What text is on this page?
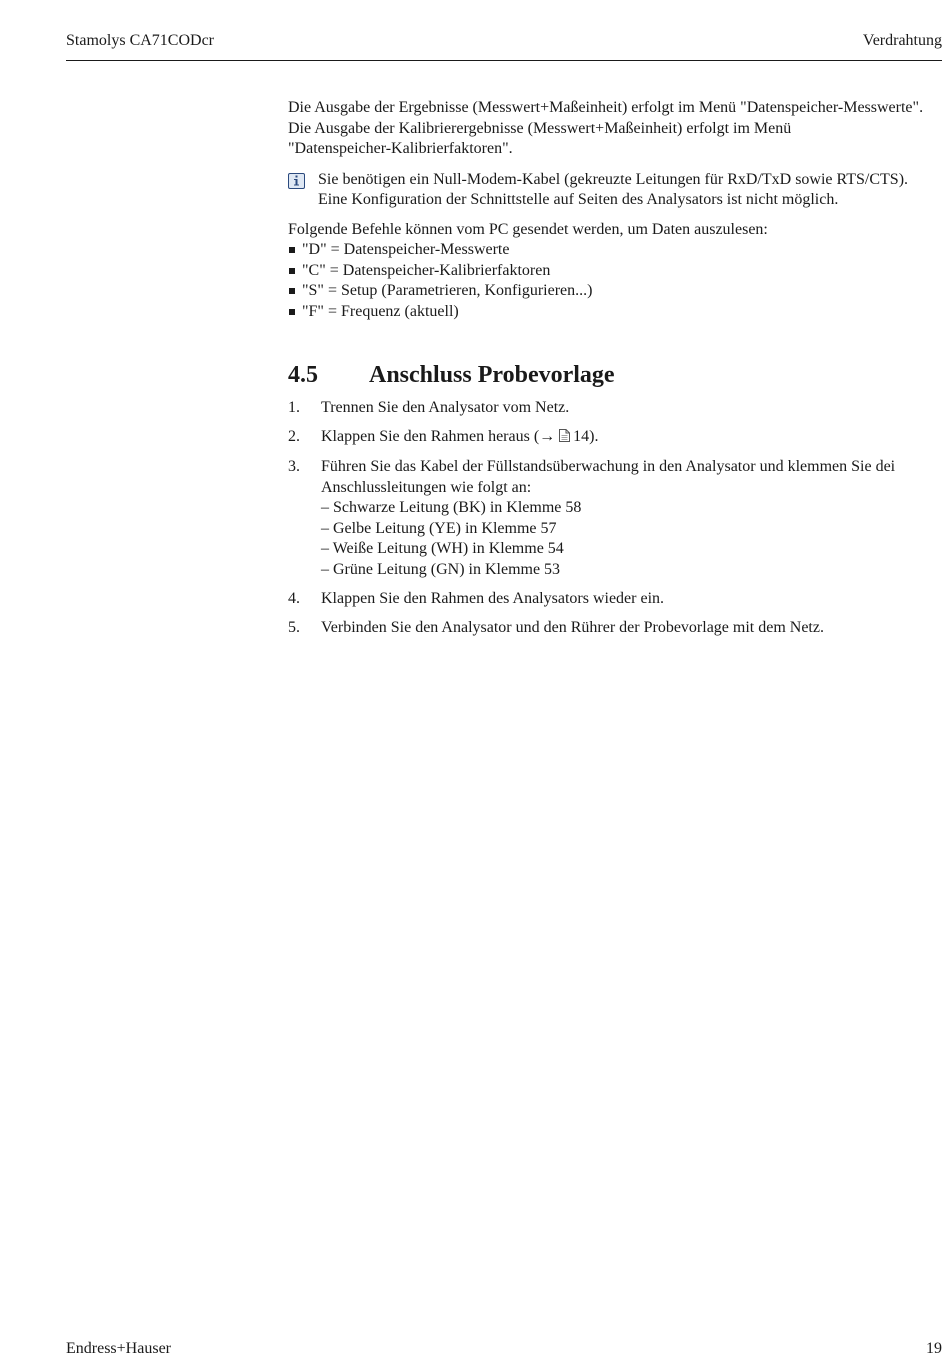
Stamolys CA71CODcr	Verdrahtung

Die Ausgabe der Ergebnisse (Messwert+Maßeinheit) erfolgt im Menü "Datenspeicher-Messwerte".
Die Ausgabe der Kalibrierergebnisse (Messwert+Maßeinheit) erfolgt im Menü
"Datenspeicher-Kalibrierfaktoren".

Sie benötigen ein Null-Modem-Kabel (gekreuzte Leitungen für RxD/TxD sowie RTS/CTS).
Eine Konfiguration der Schnittstelle auf Seiten des Analysators ist nicht möglich.

Folgende Befehle können vom PC gesendet werden, um Daten auszulesen:

"D" = Datenspeicher-Messwerte
"C" = Datenspeicher-Kalibrierfaktoren
"S" = Setup (Parametrieren, Konfigurieren...)
"F" = Frequenz (aktuell)
4.5 Anschluss Probevorlage
1. Trennen Sie den Analysator vom Netz.
2. Klappen Sie den Rahmen heraus (→ 14).
3. Führen Sie das Kabel der Füllstandsüberwachung in den Analysator und klemmen Sie dei
Anschlussleitungen wie folgt an:
– Schwarze Leitung (BK) in Klemme 58
– Gelbe Leitung (YE) in Klemme 57
– Weiße Leitung (WH) in Klemme 54
– Grüne Leitung (GN) in Klemme 53
4. Klappen Sie den Rahmen des Analysators wieder ein.
5. Verbinden Sie den Analysator und den Rührer der Probevorlage mit dem Netz.
Endress+Hauser	19
